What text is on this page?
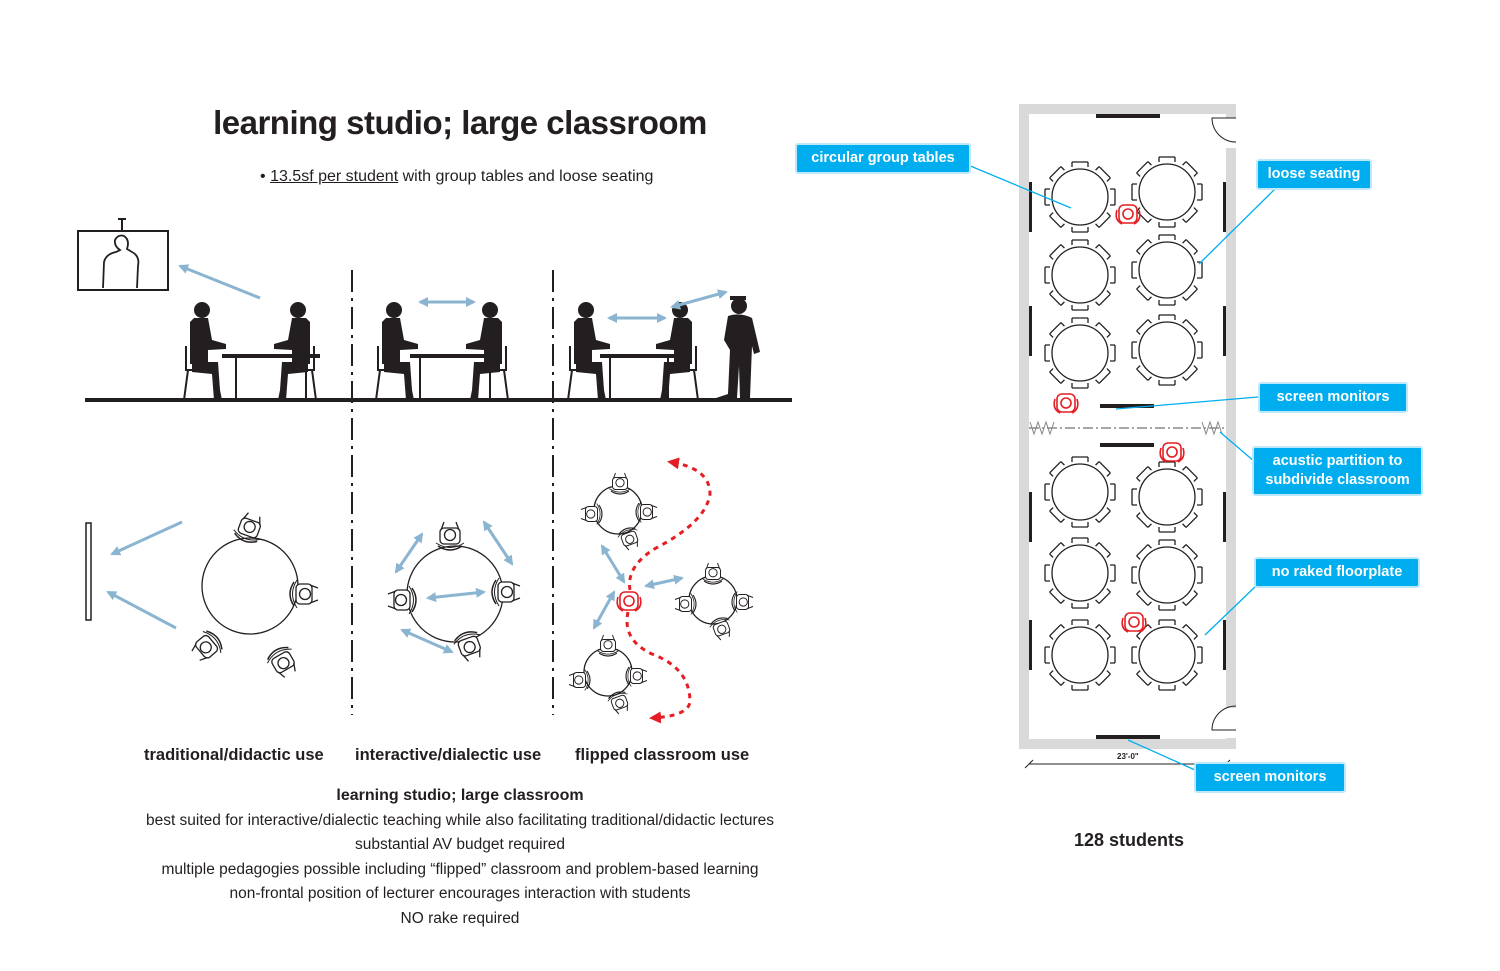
learning studio; large classroom
• 13.5sf per student with group tables and loose seating
traditional/didactic use interactive/dialectic use flipped classroom use
learning studio; large classroom
best suited for interactive/dialectic teaching while also facilitating traditional/didactic lectures
substantial AV budget required
multiple pedagogies possible including “flipped” classroom and problem-based learning
non-frontal position of lecturer encourages interaction with students
NO rake required
circular group tables
loose seating
screen monitors
acustic partition to
subdivide classroom
no raked floorplate
screen monitors
23'-0"
128 students
